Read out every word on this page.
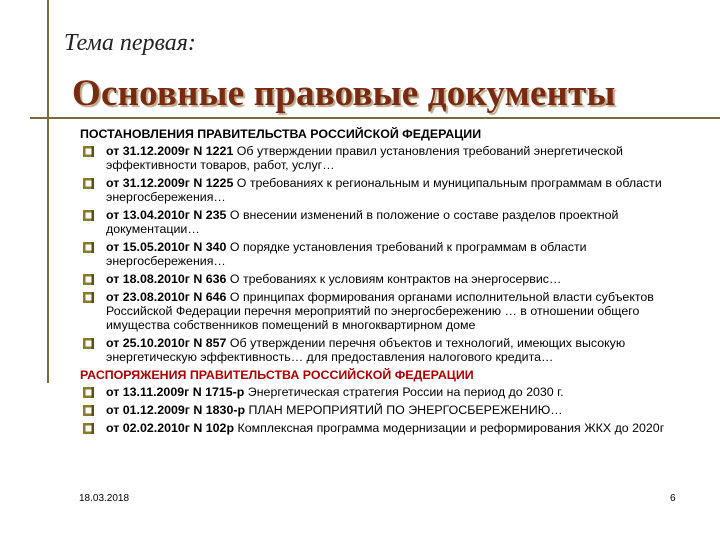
Тема первая:
Основные правовые документы
ПОСТАНОВЛЕНИЯ ПРАВИТЕЛЬСТВА РОССИЙСКОЙ ФЕДЕРАЦИИ
от 31.12.2009г N 1221 Об утверждении правил установления требований энергетической эффективности товаров, работ, услуг…
от 31.12.2009г N 1225 О требованиях к региональным и муниципальным программам в области энергосбережения…
от 13.04.2010г N 235 О внесении изменений в положение о составе разделов проектной документации…
от 15.05.2010г N 340 О порядке установления требований к программам в области энергосбережения…
от 18.08.2010г N 636 О требованиях к условиям контрактов на энергосервис…
от 23.08.2010г N 646 О принципах формирования органами исполнительной власти субъектов Российской Федерации перечня мероприятий по энергосбережению … в отношении общего имущества собственников помещений в многоквартирном доме
от 25.10.2010г N 857 Об утверждении перечня объектов и технологий, имеющих высокую энергетическую эффективность… для предоставления налогового кредита…
РАСПОРЯЖЕНИЯ ПРАВИТЕЛЬСТВА РОССИЙСКОЙ ФЕДЕРАЦИИ
от 13.11.2009г N 1715-р Энергетическая стратегия России на период до 2030 г.
от 01.12.2009г N 1830-р ПЛАН МЕРОПРИЯТИЙ ПО ЭНЕРГОСБЕРЕЖЕНИЮ…
от 02.02.2010г N 102р Комплексная программа модернизации и реформирования ЖКХ до 2020г
18.03.2018	6
